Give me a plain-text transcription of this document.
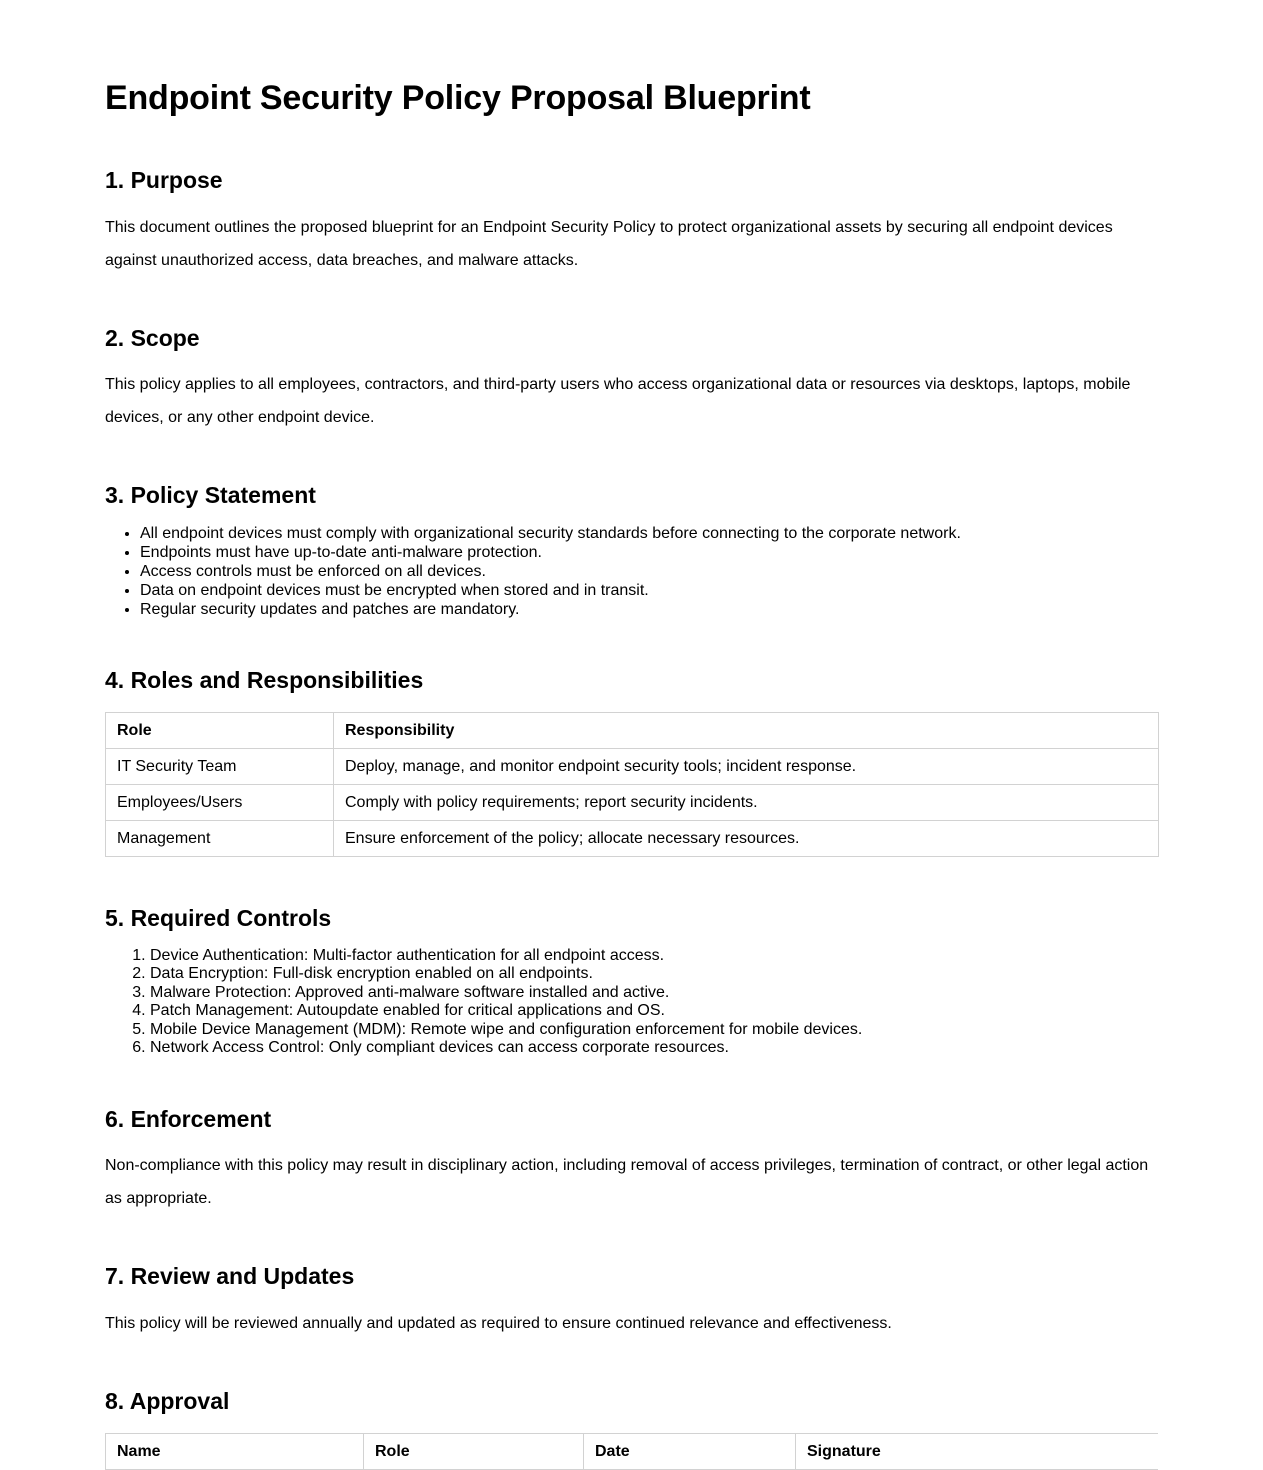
Endpoint Security Policy Proposal Blueprint
1. Purpose

This document outlines the proposed blueprint for an Endpoint Security Policy to protect organizational assets by securing all endpoint devices against unauthorized access, data breaches, and malware attacks.

2. Scope

This policy applies to all employees, contractors, and third-party users who access organizational data or resources via desktops, laptops, mobile devices, or any other endpoint device.

3. Policy Statement
• All endpoint devices must comply with organizational security standards before connecting to the corporate network.
• Endpoints must have up-to-date anti-malware protection.
• Access controls must be enforced on all devices.
• Data on endpoint devices must be encrypted when stored and in transit.
• Regular security updates and patches are mandatory.
4. Roles and Responsibilities
Role	Responsibility
IT Security Team	Deploy, manage, and monitor endpoint security tools; incident response.
Employees/Users	Comply with policy requirements; report security incidents.
Management	Ensure enforcement of the policy; allocate necessary resources.
5. Required Controls
1. Device Authentication: Multi-factor authentication for all endpoint access.
2. Data Encryption: Full-disk encryption enabled on all endpoints.
3. Malware Protection: Approved anti-malware software installed and active.
4. Patch Management: Autoupdate enabled for critical applications and OS.
5. Mobile Device Management (MDM): Remote wipe and configuration enforcement for mobile devices.
6. Network Access Control: Only compliant devices can access corporate resources.
6. Enforcement

Non-compliance with this policy may result in disciplinary action, including removal of access privileges, termination of contract, or other legal action as appropriate.

7. Review and Updates

This policy will be reviewed annually and updated as required to ensure continued relevance and effectiveness.

8. Approval
Name	Role	Date	Signature
